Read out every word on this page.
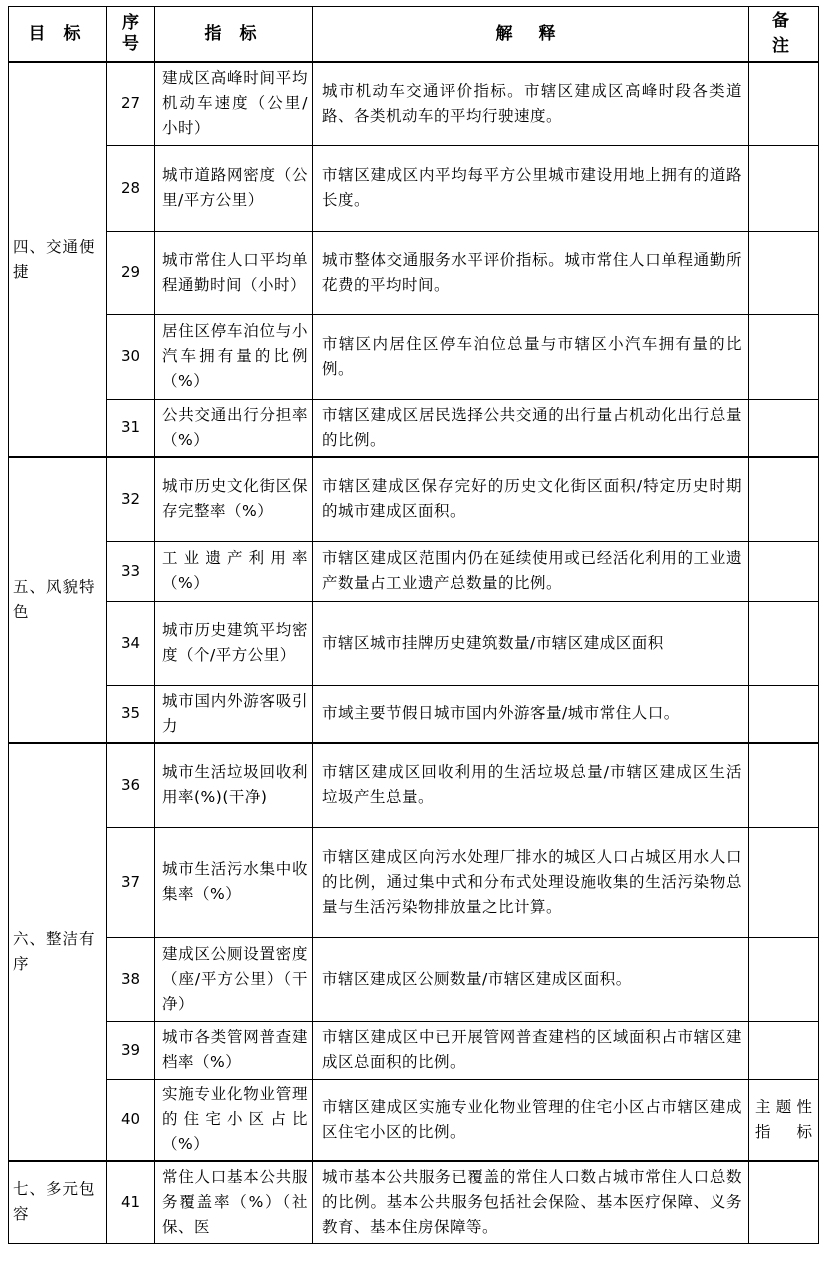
目 标	序号	指 标	解 释	备 注
四、交通便捷	27	建成区高峰时间平均机动车速度（公里/小时）	城市机动车交通评价指标。市辖区建成区高峰时段各类道路、各类机动车的平均行驶速度。	
	28	城市道路网密度（公里/平方公里）	市辖区建成区内平均每平方公里城市建设用地上拥有的道路长度。	
	29	城市常住人口平均单程通勤时间（小时）	城市整体交通服务水平评价指标。城市常住人口单程通勤所花费的平均时间。	
	30	居住区停车泊位与小汽车拥有量的比例（%）	市辖区内居住区停车泊位总量与市辖区小汽车拥有量的比例。	
	31	公共交通出行分担率（%）	市辖区建成区居民选择公共交通的出行量占机动化出行总量的比例。	
五、风貌特色	32	城市历史文化街区保存完整率（%）	市辖区建成区保存完好的历史文化街区面积/特定历史时期的城市建成区面积。	
	33	工业遗产利用率（%）	市辖区建成区范围内仍在延续使用或已经活化利用的工业遗产数量占工业遗产总数量的比例。	
	34	城市历史建筑平均密度（个/平方公里）	市辖区城市挂牌历史建筑数量/市辖区建成区面积	
	35	城市国内外游客吸引力	市域主要节假日城市国内外游客量/城市常住人口。	
六、整洁有序	36	城市生活垃圾回收利用率(%)(干净)	市辖区建成区回收利用的生活垃圾总量/市辖区建成区生活垃圾产生总量。	
	37	城市生活污水集中收集率（%）	市辖区建成区向污水处理厂排水的城区人口占城区用水人口的比例，通过集中式和分布式处理设施收集的生活污染物总量与生活污染物排放量之比计算。	
	38	建成区公厕设置密度（座/平方公里）（干净）	市辖区建成区公厕数量/市辖区建成区面积。	
	39	城市各类管网普查建档率（%）	市辖区建成区中已开展管网普查建档的区域面积占市辖区建成区总面积的比例。	
	40	实施专业化物业管理的住宅小区占比（%）	市辖区建成区实施专业化物业管理的住宅小区占市辖区建成区住宅小区的比例。	主题性指标
七、多元包容	41	常住人口基本公共服务覆盖率（%）（社保、医	城市基本公共服务已覆盖的常住人口数占城市常住人口总数的比例。基本公共服务包括社会保险、基本医疗保障、义务教育、基本住房保障等。	
